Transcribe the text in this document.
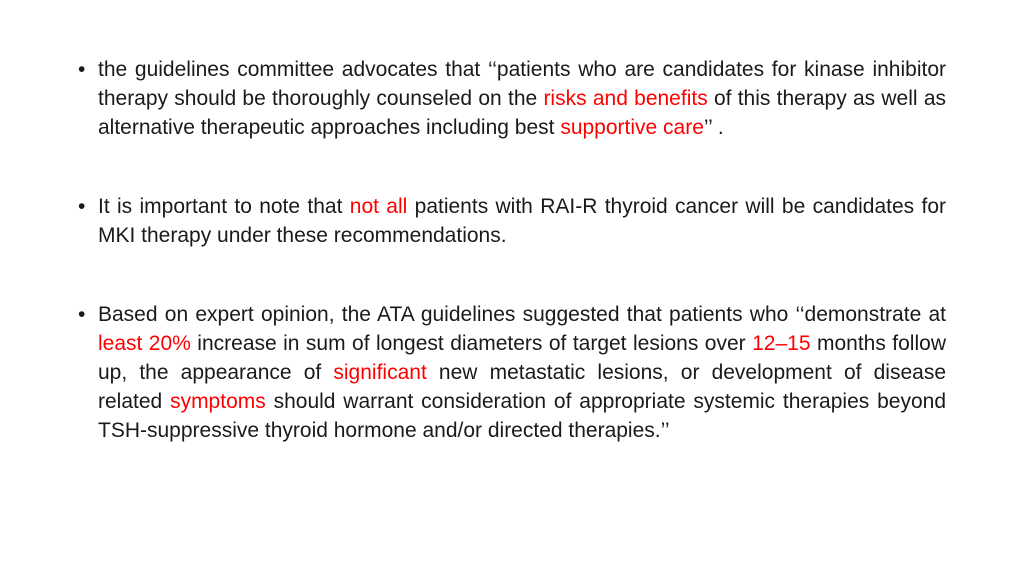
• the guidelines committee advocates that ‘‘patients who are candidates for kinase inhibitor therapy should be thoroughly counseled on the risks and benefits of this therapy as well as alternative therapeutic approaches including best supportive care’’ .
• It is important to note that not all patients with RAI-R thyroid cancer will be candidates for MKI therapy under these recommendations.
• Based on expert opinion, the ATA guidelines suggested that patients who ‘‘demonstrate at least 20% increase in sum of longest diameters of target lesions over 12–15 months follow up, the appearance of significant new metastatic lesions, or development of disease related symptoms should warrant consideration of appropriate systemic therapies beyond TSH-suppressive thyroid hormone and/or directed therapies.’’
